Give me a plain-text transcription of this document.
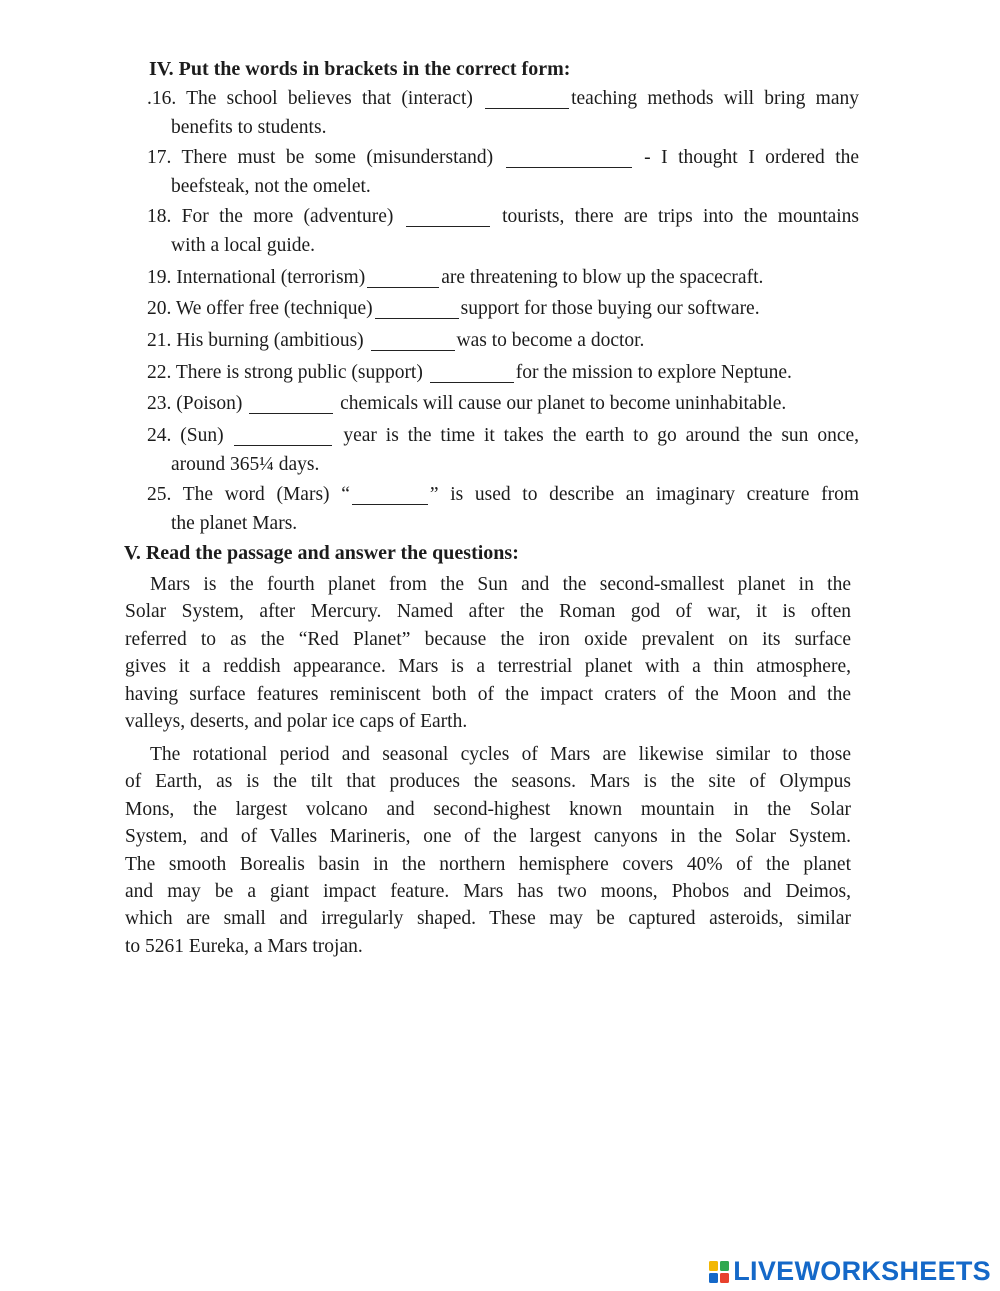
IV. Put the words in brackets in the correct form:
.16. The school believes that (interact)	teaching methods will bring many
benefits to students.
17. There must be some (misunderstand)	- I thought I ordered the
beefsteak, not the omelet.
18. For the more (adventure)	tourists, there are trips into the mountains
with a local guide.
19. International (terrorism)	are threatening to blow up the spacecraft.
20. We offer free (technique)	support for those buying our software.
21. His burning (ambitious)	was to become a doctor.
22. There is strong public (support)	for the mission to explore Neptune.
23. (Poison)	chemicals will cause our planet to become uninhabitable.
24. (Sun)	year is the time it takes the earth to go around the sun once,
around 365¼ days.
25. The word (Mars) “	” is used to describe an imaginary creature from
the planet Mars.
V. Read the passage and answer the questions:
Mars is the fourth planet from the Sun and the second-smallest planet in the
Solar System, after Mercury. Named after the Roman god of war, it is often
referred to as the “Red Planet” because the iron oxide prevalent on its surface
gives it a reddish appearance. Mars is a terrestrial planet with a thin atmosphere,
having surface features reminiscent both of the impact craters of the Moon and the
valleys, deserts, and polar ice caps of Earth.
The rotational period and seasonal cycles of Mars are likewise similar to those
of Earth, as is the tilt that produces the seasons. Mars is the site of Olympus
Mons, the largest volcano and second-highest known mountain in the Solar
System, and of Valles Marineris, one of the largest canyons in the Solar System.
The smooth Borealis basin in the northern hemisphere covers 40% of the planet
and may be a giant impact feature. Mars has two moons, Phobos and Deimos,
which are small and irregularly shaped. These may be captured asteroids, similar
to 5261 Eureka, a Mars trojan.
LIVEWORKSHEETS
